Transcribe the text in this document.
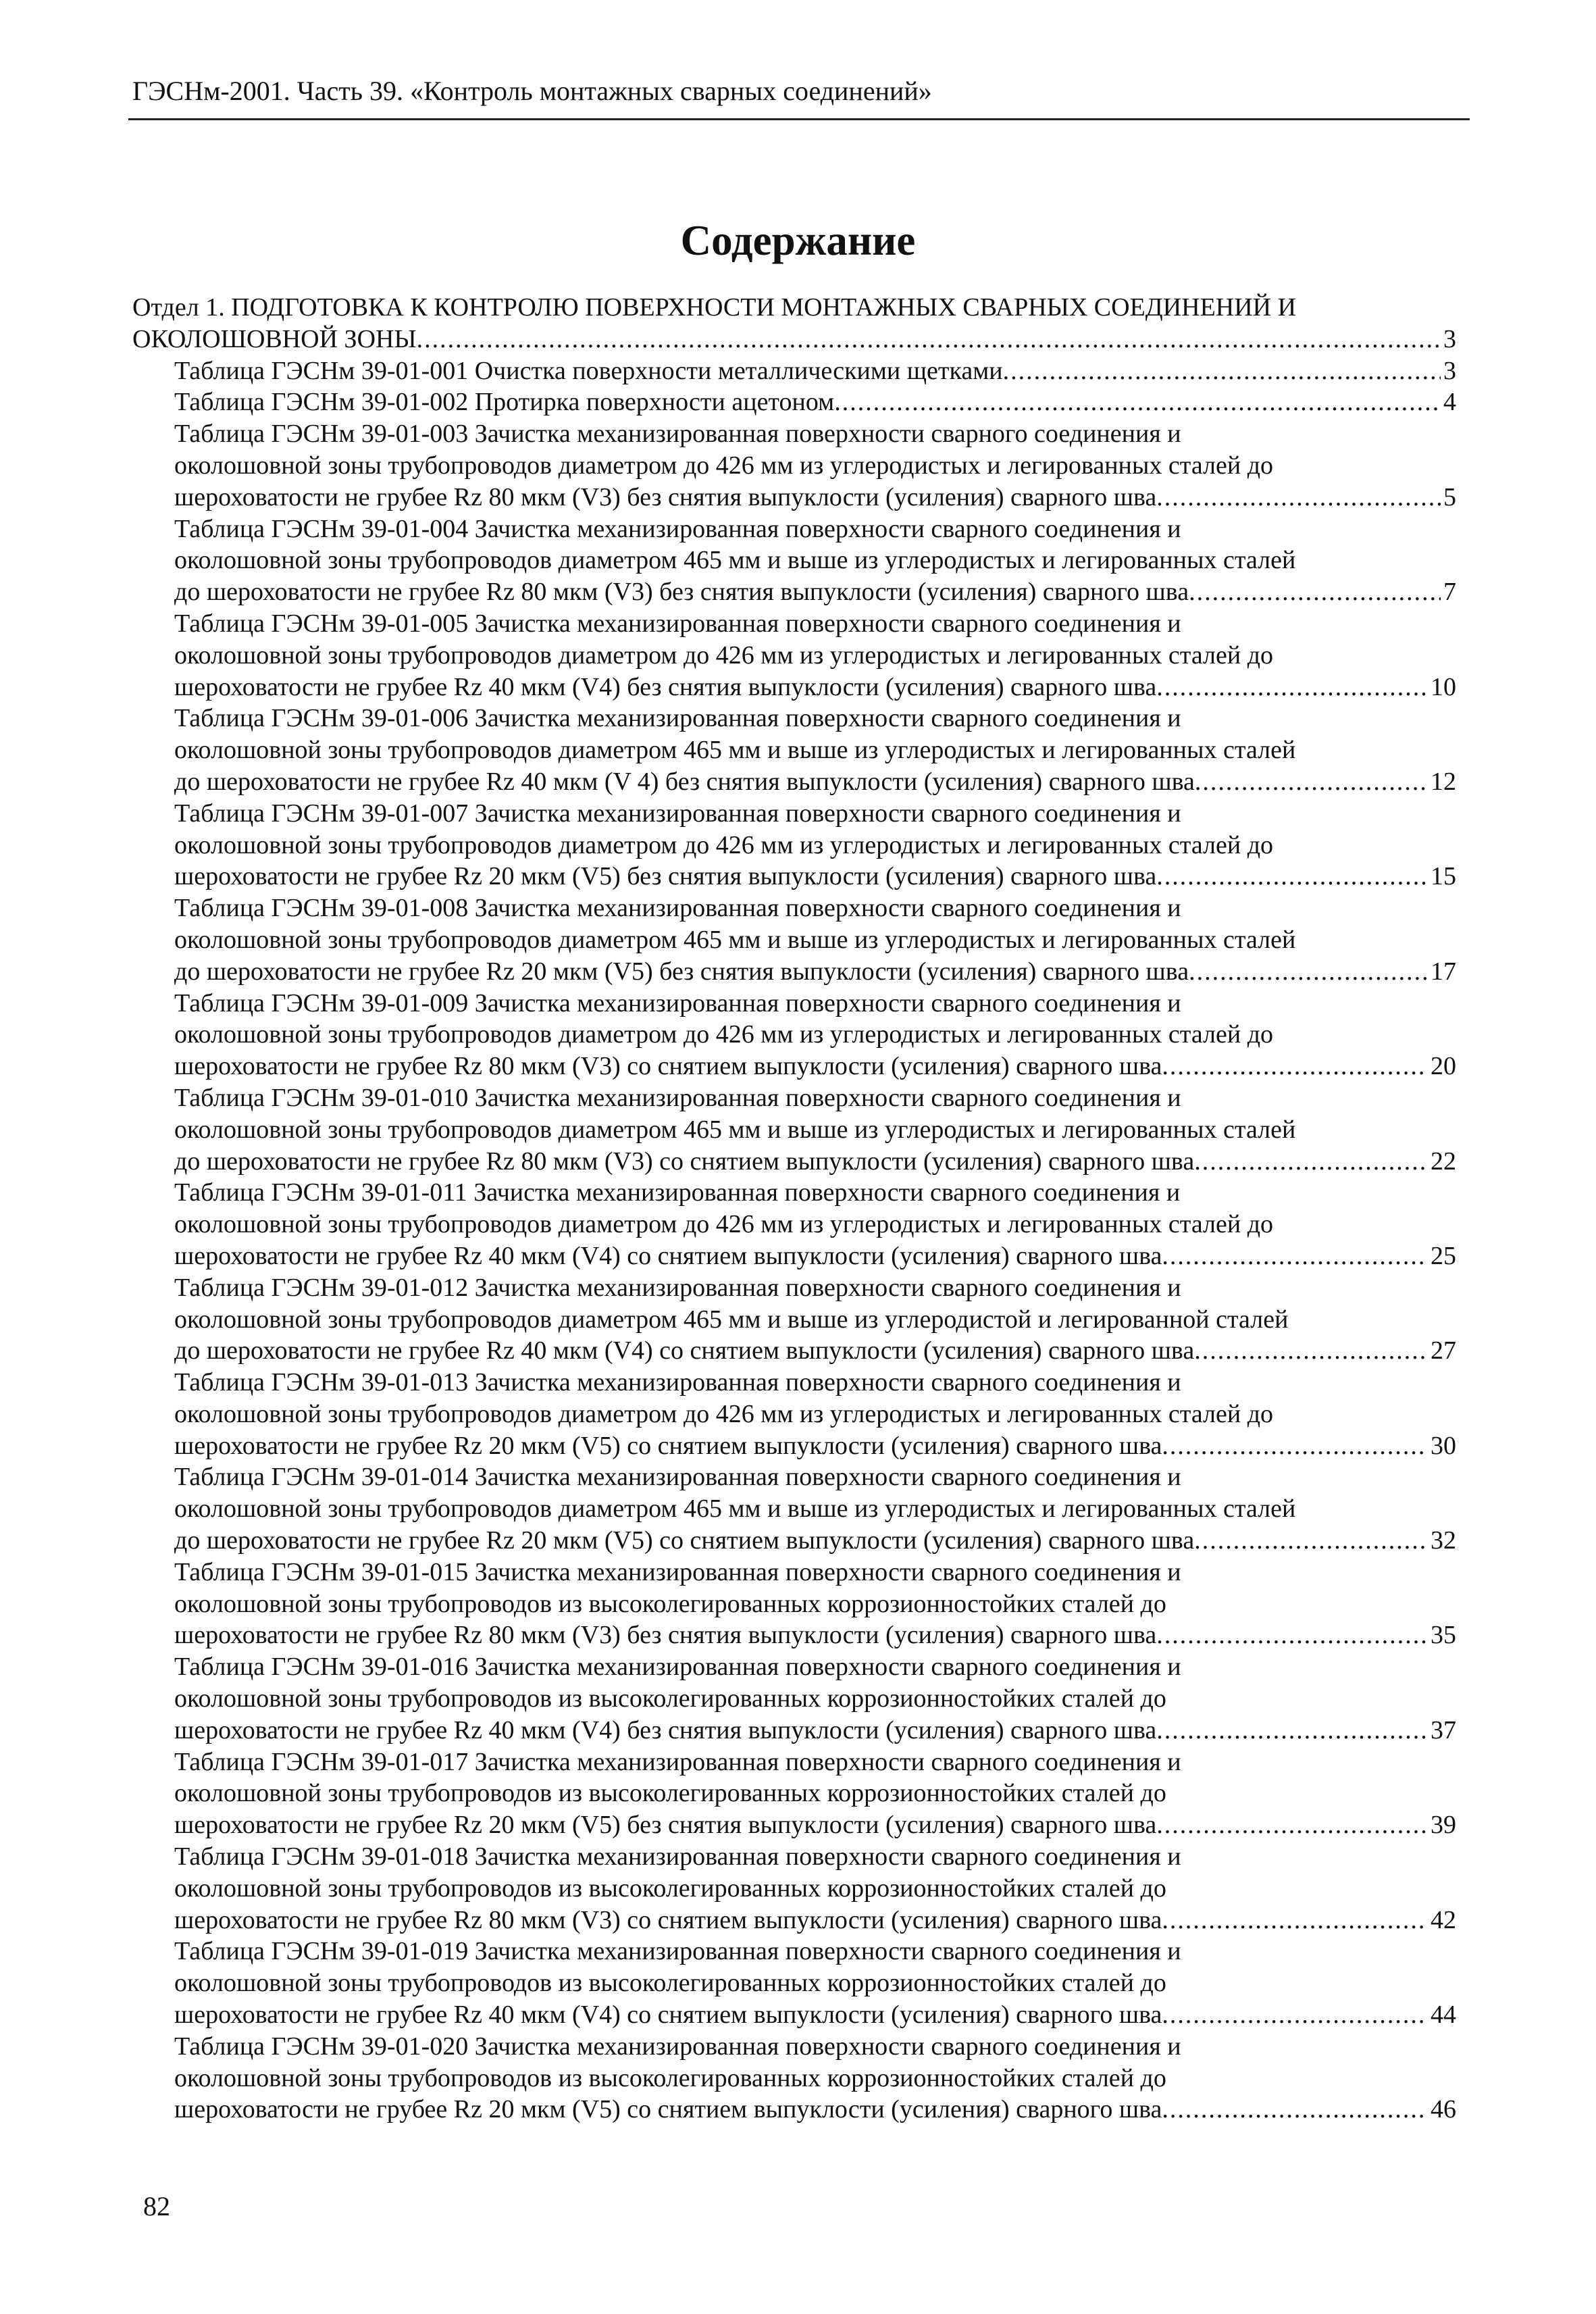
ГЭСНм-2001. Часть 39. «Контроль монтажных сварных соединений»
Содержание
Отдел 1. ПОДГОТОВКА К КОНТРОЛЮ ПОВЕРХНОСТИ МОНТАЖНЫХ СВАРНЫХ СОЕДИНЕНИЙ И
ОКОЛОШОВНОЙ ЗОНЫ .....	3
Таблица ГЭСНм 39-01-001 Очистка поверхности металлическими щетками .....	3
Таблица ГЭСНм 39-01-002 Протирка поверхности ацетоном .....	4
Таблица ГЭСНм 39-01-003 Зачистка механизированная поверхности сварного соединения и
околошовной зоны трубопроводов диаметром до 426 мм из углеродистых и легированных сталей до
шероховатости не грубее Rz 80 мкм (V3) без снятия выпуклости (усиления) сварного шва .....	5
Таблица ГЭСНм 39-01-004 Зачистка механизированная поверхности сварного соединения и
околошовной зоны трубопроводов диаметром 465 мм и выше из углеродистых и легированных сталей
до шероховатости не грубее Rz 80 мкм (V3) без снятия выпуклости (усиления) сварного шва .....	7
Таблица ГЭСНм 39-01-005 Зачистка механизированная поверхности сварного соединения и
околошовной зоны трубопроводов диаметром до 426 мм из углеродистых и легированных сталей до
шероховатости не грубее Rz 40 мкм (V4) без снятия выпуклости (усиления) сварного шва .....	10
Таблица ГЭСНм 39-01-006 Зачистка механизированная поверхности сварного соединения и
околошовной зоны трубопроводов диаметром 465 мм и выше из углеродистых и легированных сталей
до шероховатости не грубее Rz 40 мкм (V 4) без снятия выпуклости (усиления) сварного шва .....	12
Таблица ГЭСНм 39-01-007 Зачистка механизированная поверхности сварного соединения и
околошовной зоны трубопроводов диаметром до 426 мм из углеродистых и легированных сталей до
шероховатости не грубее Rz 20 мкм (V5) без снятия выпуклости (усиления) сварного шва .....	15
Таблица ГЭСНм 39-01-008 Зачистка механизированная поверхности сварного соединения и
околошовной зоны трубопроводов диаметром 465 мм и выше из углеродистых и легированных сталей
до шероховатости не грубее Rz 20 мкм (V5) без снятия выпуклости (усиления) сварного шва .....	17
Таблица ГЭСНм 39-01-009 Зачистка механизированная поверхности сварного соединения и
околошовной зоны трубопроводов диаметром до 426 мм из углеродистых и легированных сталей до
шероховатости не грубее Rz 80 мкм (V3) со снятием выпуклости (усиления) сварного шва .....	20
Таблица ГЭСНм 39-01-010 Зачистка механизированная поверхности сварного соединения и
околошовной зоны трубопроводов диаметром 465 мм и выше из углеродистых и легированных сталей
до шероховатости не грубее Rz 80 мкм (V3) со снятием выпуклости (усиления) сварного шва .....	22
Таблица ГЭСНм 39-01-011 Зачистка механизированная поверхности сварного соединения и
околошовной зоны трубопроводов диаметром до 426 мм из углеродистых и легированных сталей до
шероховатости не грубее Rz 40 мкм (V4) со снятием выпуклости (усиления) сварного шва .....	25
Таблица ГЭСНм 39-01-012 Зачистка механизированная поверхности сварного соединения и
околошовной зоны трубопроводов диаметром 465 мм и выше из углеродистой и легированной сталей
до шероховатости не грубее Rz 40 мкм (V4) со снятием выпуклости (усиления) сварного шва .....	27
Таблица ГЭСНм 39-01-013 Зачистка механизированная поверхности сварного соединения и
околошовной зоны трубопроводов диаметром до 426 мм из углеродистых и легированных сталей до
шероховатости не грубее Rz 20 мкм (V5) со снятием выпуклости (усиления) сварного шва .....	30
Таблица ГЭСНм 39-01-014 Зачистка механизированная поверхности сварного соединения и
околошовной зоны трубопроводов диаметром 465 мм и выше из углеродистых и легированных сталей
до шероховатости не грубее Rz 20 мкм (V5) со снятием выпуклости (усиления) сварного шва .....	32
Таблица ГЭСНм 39-01-015 Зачистка механизированная поверхности сварного соединения и
околошовной зоны трубопроводов из высоколегированных коррозионностойких сталей до
шероховатости не грубее Rz 80 мкм (V3) без снятия выпуклости (усиления) сварного шва .....	35
Таблица ГЭСНм 39-01-016 Зачистка механизированная поверхности сварного соединения и
околошовной зоны трубопроводов из высоколегированных коррозионностойких сталей до
шероховатости не грубее Rz 40 мкм (V4) без снятия выпуклости (усиления) сварного шва .....	37
Таблица ГЭСНм 39-01-017 Зачистка механизированная поверхности сварного соединения и
околошовной зоны трубопроводов из высоколегированных коррозионностойких сталей до
шероховатости не грубее Rz 20 мкм (V5) без снятия выпуклости (усиления) сварного шва .....	39
Таблица ГЭСНм 39-01-018 Зачистка механизированная поверхности сварного соединения и
околошовной зоны трубопроводов из высоколегированных коррозионностойких сталей до
шероховатости не грубее Rz 80 мкм (V3) со снятием выпуклости (усиления) сварного шва .....	42
Таблица ГЭСНм 39-01-019 Зачистка механизированная поверхности сварного соединения и
околошовной зоны трубопроводов из высоколегированных коррозионностойких сталей до
шероховатости не грубее Rz 40 мкм (V4) со снятием выпуклости (усиления) сварного шва .....	44
Таблица ГЭСНм 39-01-020 Зачистка механизированная поверхности сварного соединения и
околошовной зоны трубопроводов из высоколегированных коррозионностойких сталей до
шероховатости не грубее Rz 20 мкм (V5) со снятием выпуклости (усиления) сварного шва .....	46
82
